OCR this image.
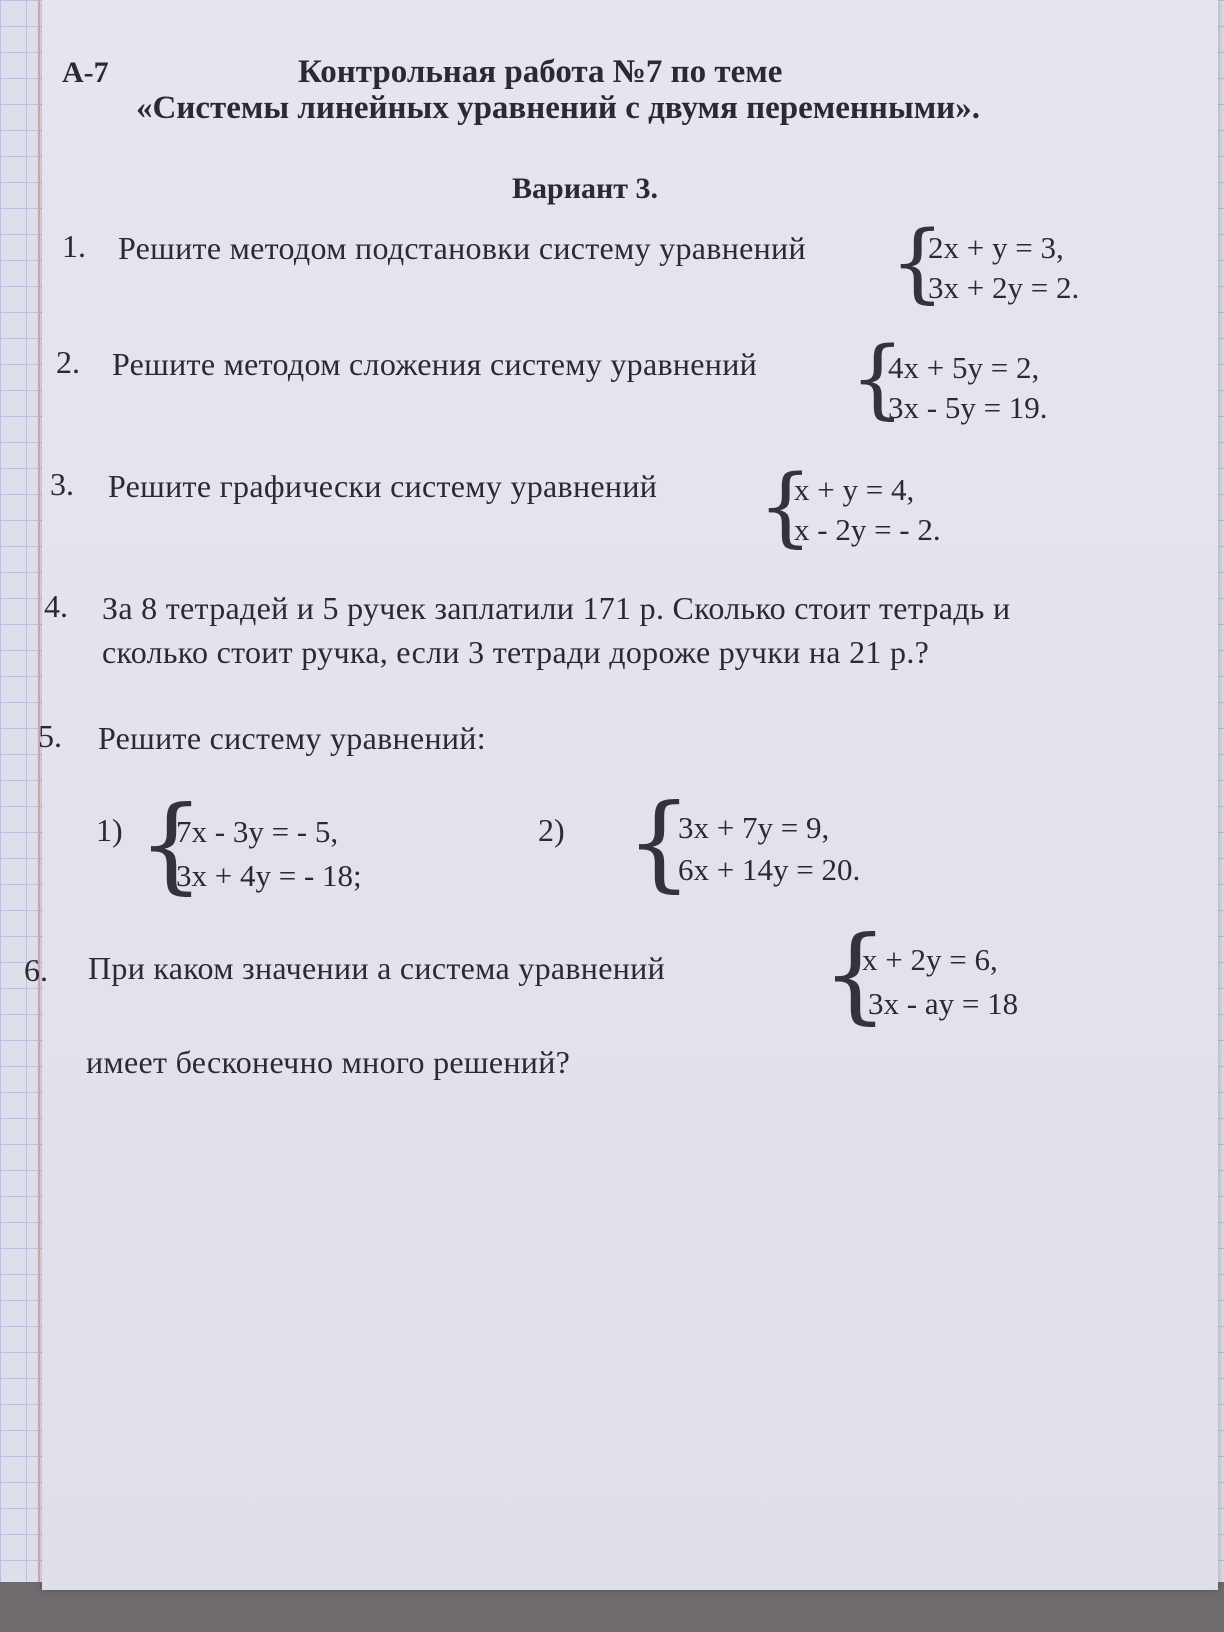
А-7	Контрольная работа №7 по теме
«Системы линейных уравнений с двумя переменными».
Вариант 3.
1. Решите методом подстановки систему уравнений {
2x + y = 3,
3x + 2y = 2.
2. Решите методом сложения систему уравнений {
4x + 5y = 2,
3x - 5y = 19.
3. Решите графически систему уравнений {
x + y = 4,
x - 2y = - 2.
4. За 8 тетрадей и 5 ручек заплатили 171 р. Сколько стоит тетрадь и
сколько стоит ручка, если 3 тетради дороже ручки на 21 р.?
5. Решите систему уравнений:
1) {
7x - 3y = - 5,
3x + 4y = - 18;
2) {
3x + 7y = 9,
6x + 14y = 20.
6. При каком значении a система уравнений {
x + 2y = 6,
3x - ay = 18
имеет бесконечно много решений?
